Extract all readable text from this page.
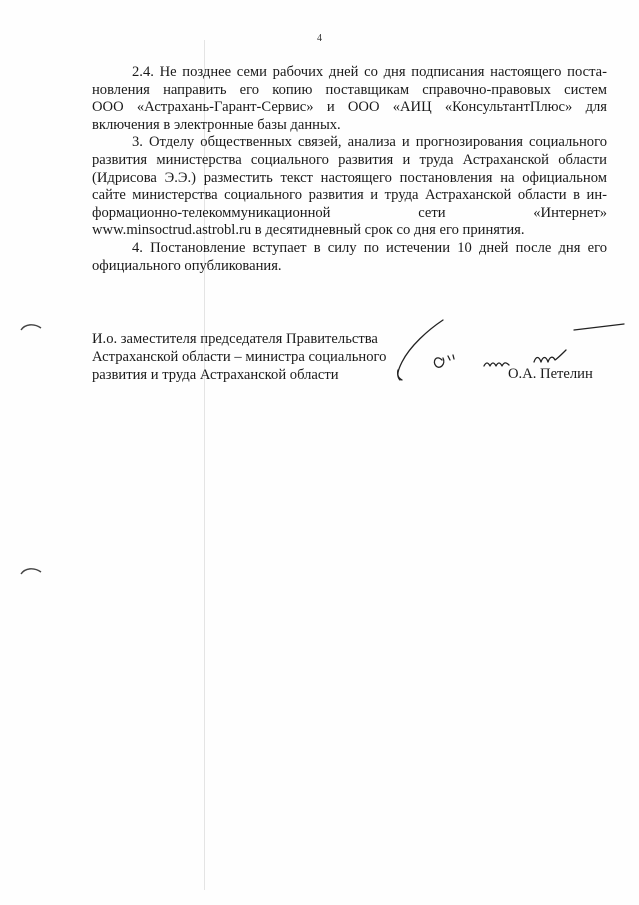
4
2.4. Не позднее семи рабочих дней со дня подписания настоящего поста-
новления направить его копию поставщикам справочно-правовых систем
ООО «Астрахань-Гарант-Сервис» и ООО «АИЦ «КонсультантПлюс» для
включения в электронные базы данных.
3. Отделу общественных связей, анализа и прогнозирования социального
развития министерства социального развития и труда Астраханской области
(Идрисова Э.Э.) разместить текст настоящего постановления на официальном
сайте министерства социального развития и труда Астраханской области в ин-
формационно-телекоммуникационной сети «Интернет»
www.minsoctrud.astrobl.ru в десятидневный срок со дня его принятия.
4. Постановление вступает в силу по истечении 10 дней после дня его
официального опубликования.
И.о. заместителя председателя Правительства
Астраханской области – министра социального
развития и труда Астраханской области	О.А. Петелин
